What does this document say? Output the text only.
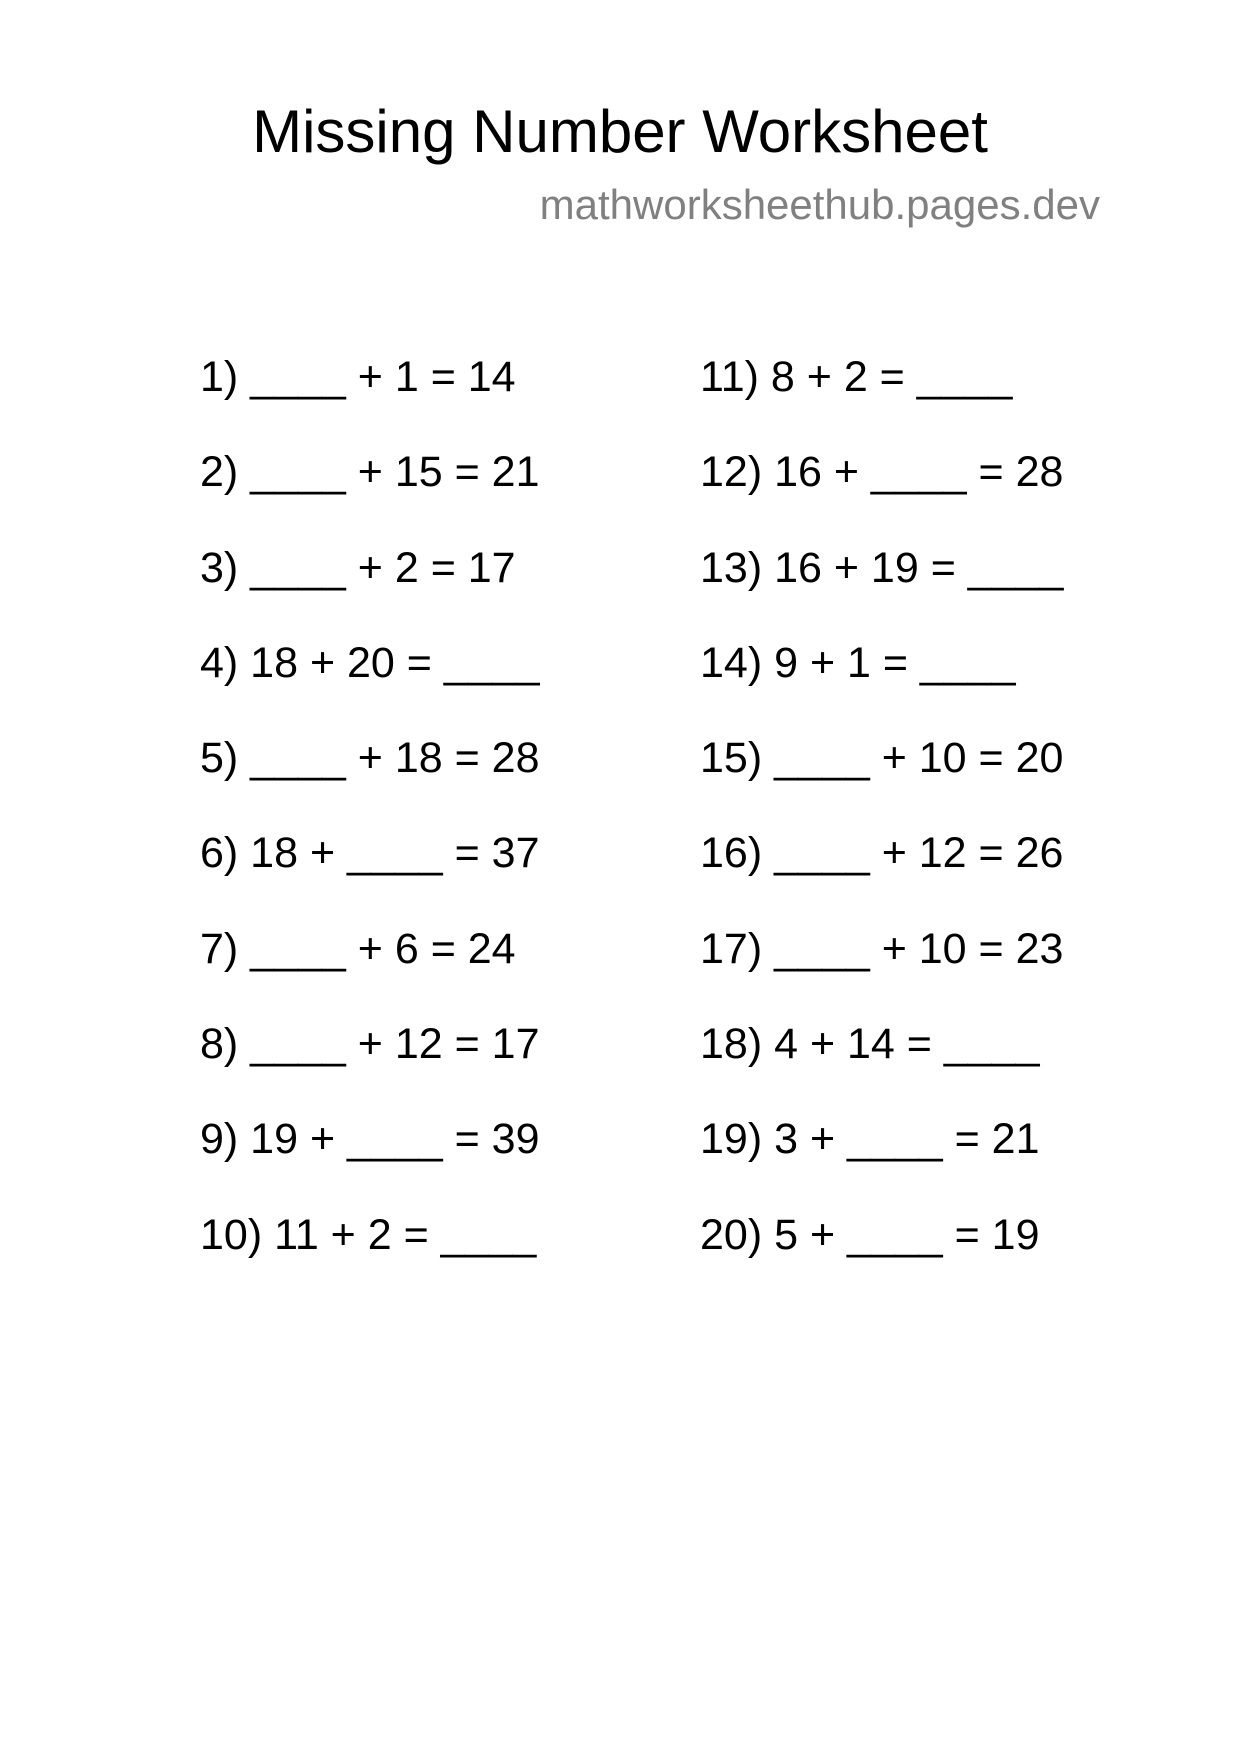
Missing Number Worksheet
mathworksheethub.pages.dev
1) ____ + 1 = 14
2) ____ + 15 = 21
3) ____ + 2 = 17
4) 18 + 20 = ____
5) ____ + 18 = 28
6) 18 + ____ = 37
7) ____ + 6 = 24
8) ____ + 12 = 17
9) 19 + ____ = 39
10) 11 + 2 = ____
11) 8 + 2 = ____
12) 16 + ____ = 28
13) 16 + 19 = ____
14) 9 + 1 = ____
15) ____ + 10 = 20
16) ____ + 12 = 26
17) ____ + 10 = 23
18) 4 + 14 = ____
19) 3 + ____ = 21
20) 5 + ____ = 19
